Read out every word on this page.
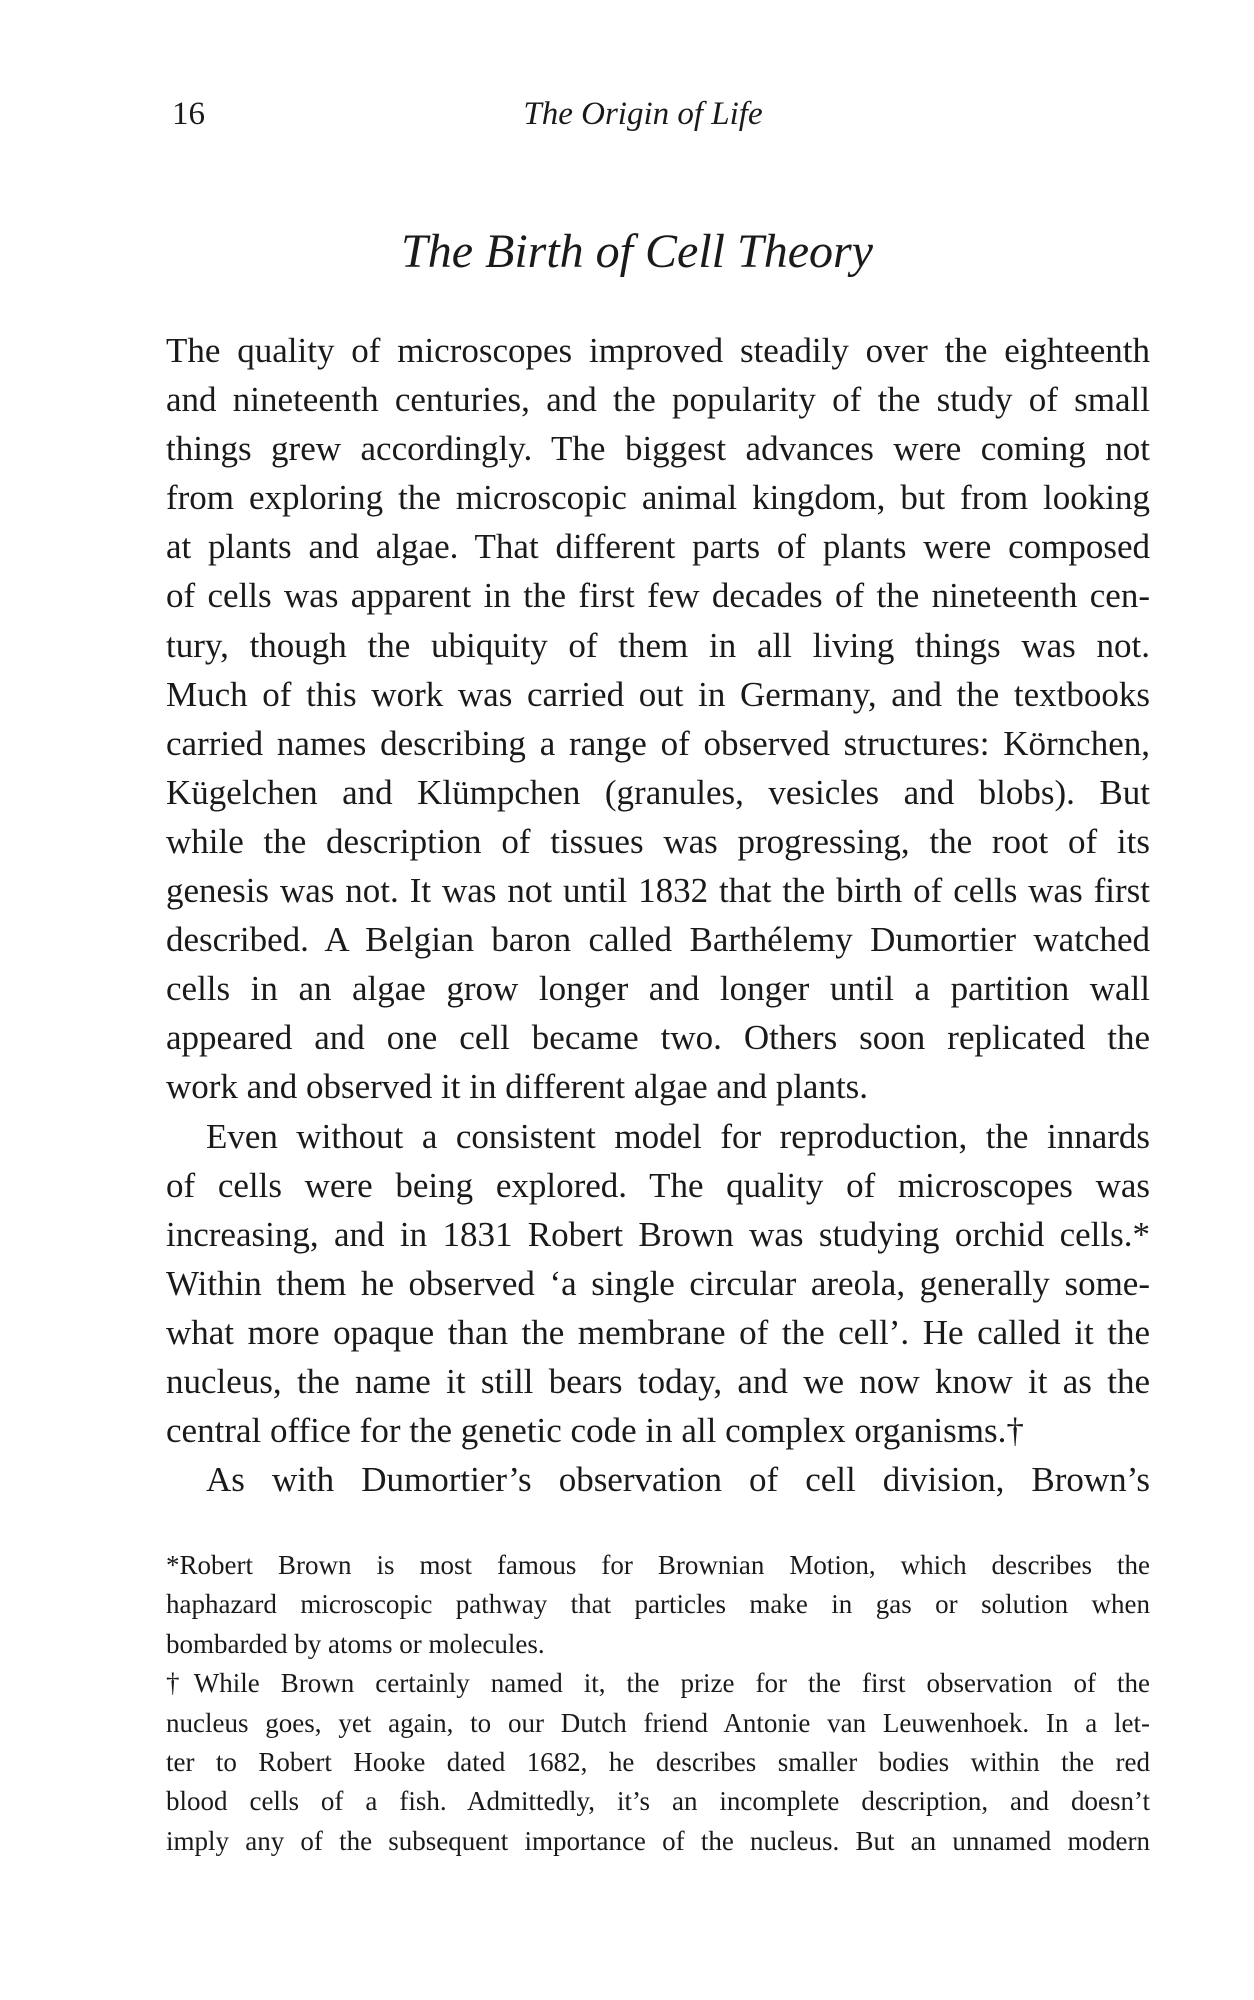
16	The Origin of Life
The Birth of Cell Theory
The quality of microscopes improved steadily over the eighteenth
and nineteenth centuries, and the popularity of the study of small
things grew accordingly. The biggest advances were coming not
from exploring the microscopic animal kingdom, but from looking
at plants and algae. That different parts of plants were composed
of cells was apparent in the first few decades of the nineteenth cen-
tury, though the ubiquity of them in all living things was not.
Much of this work was carried out in Germany, and the textbooks
carried names describing a range of observed structures: Körnchen,
Kügelchen and Klümpchen (granules, vesicles and blobs). But
while the description of tissues was progressing, the root of its
genesis was not. It was not until 1832 that the birth of cells was first
described. A Belgian baron called Barthélemy Dumortier watched
cells in an algae grow longer and longer until a partition wall
appeared and one cell became two. Others soon replicated the
work and observed it in different algae and plants.
Even without a consistent model for reproduction, the innards
of cells were being explored. The quality of microscopes was
increasing, and in 1831 Robert Brown was studying orchid cells.*
Within them he observed ‘a single circular areola, generally some-
what more opaque than the membrane of the cell’. He called it the
nucleus, the name it still bears today, and we now know it as the
central office for the genetic code in all complex organisms.†
As with Dumortier’s observation of cell division, Brown’s
*Robert Brown is most famous for Brownian Motion, which describes the
haphazard microscopic pathway that particles make in gas or solution when
bombarded by atoms or molecules.
†While Brown certainly named it, the prize for the first observation of the
nucleus goes, yet again, to our Dutch friend Antonie van Leuwenhoek. In a let-
ter to Robert Hooke dated 1682, he describes smaller bodies within the red
blood cells of a fish. Admittedly, it’s an incomplete description, and doesn’t
imply any of the subsequent importance of the nucleus. But an unnamed modern
